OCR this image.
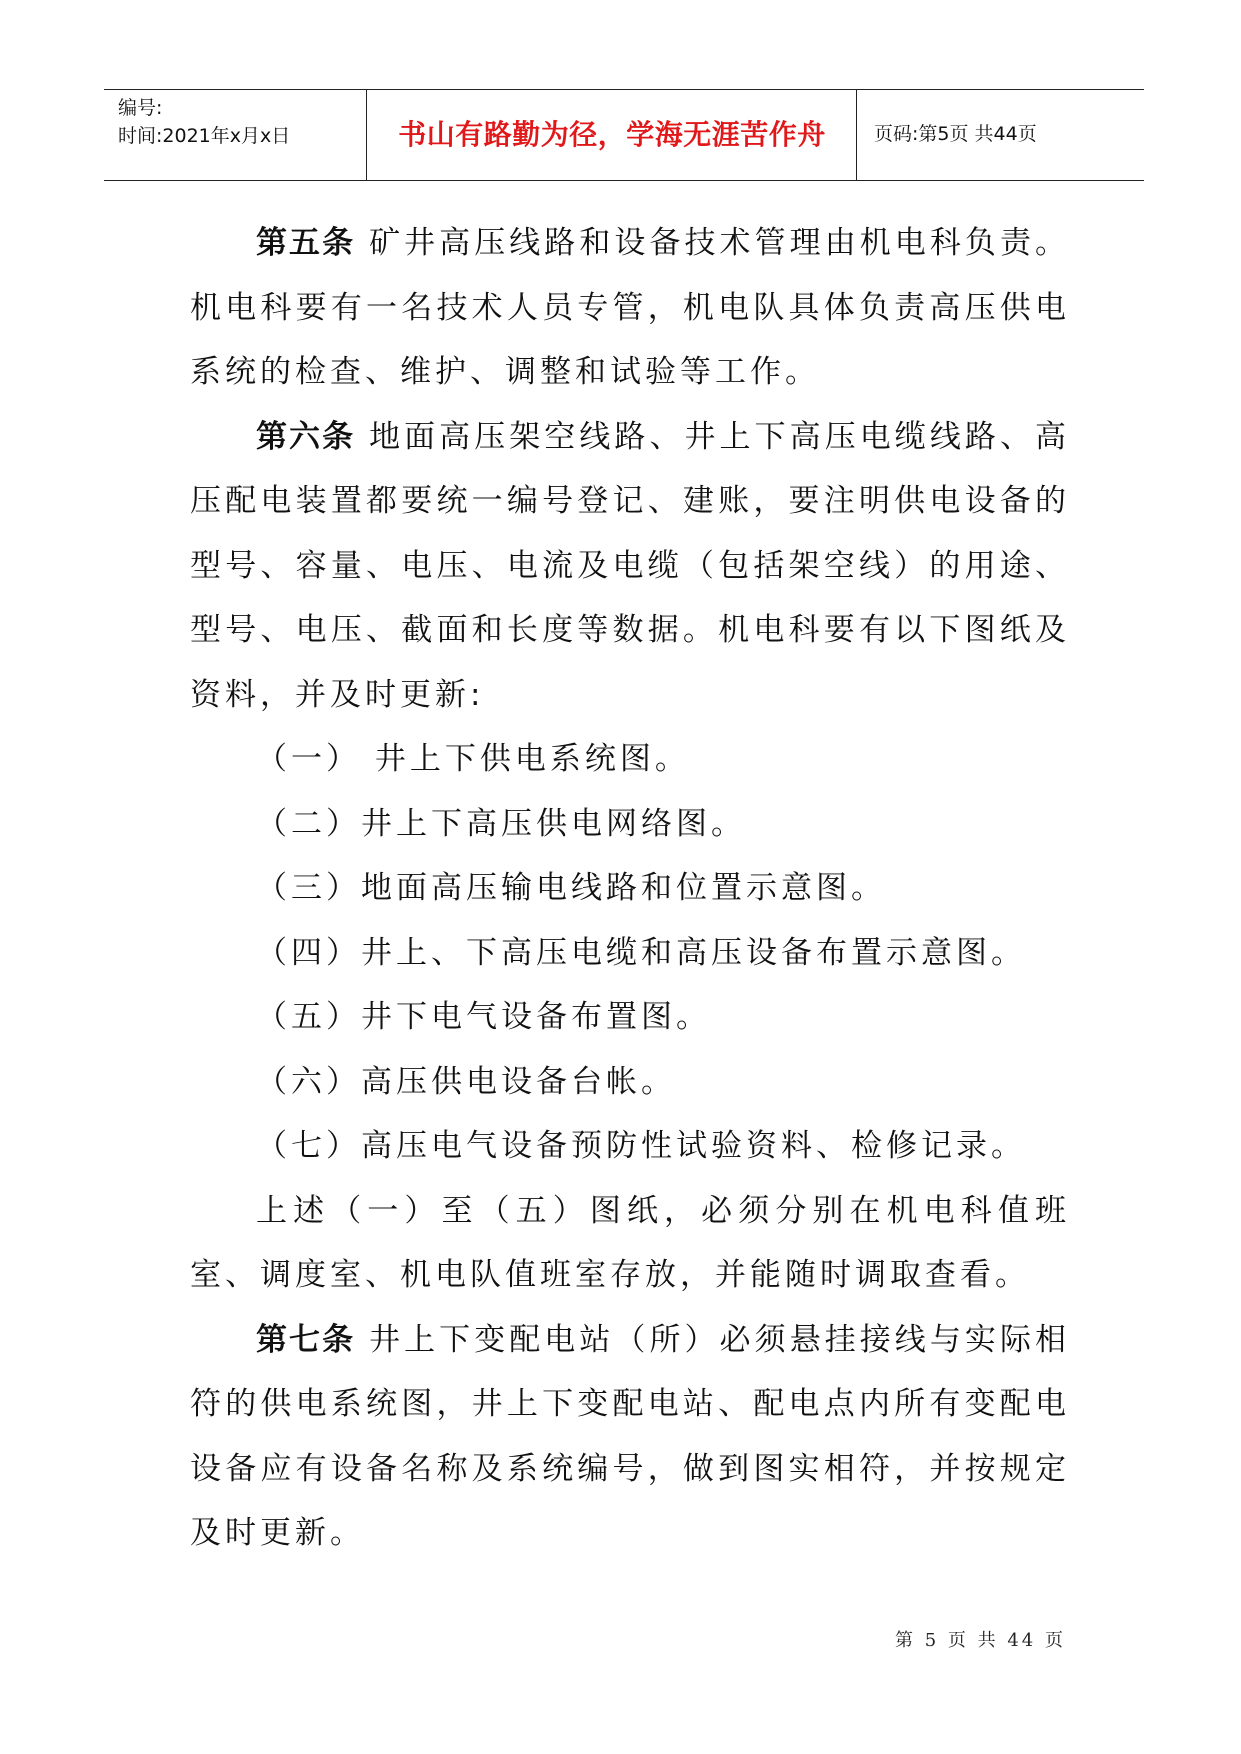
编号:
时间:2021年x月x日	书山有路勤为径，学海无涯苦作舟	页码:第5页 共44页

第五条 矿井高压线路和设备技术管理由机电科负责。机电科要有一名技术人员专管，机电队具体负责高压供电系统的检查、维护、调整和试验等工作。

第六条 地面高压架空线路、井上下高压电缆线路、高压配电装置都要统一编号登记、建账，要注明供电设备的型号、容量、电压、电流及电缆（包括架空线）的用途、型号、电压、截面和长度等数据。机电科要有以下图纸及资料，并及时更新:

（一） 井上下供电系统图。

（二）井上下高压供电网络图。

（三）地面高压输电线路和位置示意图。

（四）井上、下高压电缆和高压设备布置示意图。

（五）井下电气设备布置图。

（六）高压供电设备台帐。

（七）高压电气设备预防性试验资料、检修记录。

上述（一）至（五）图纸，必须分别在机电科值班室、调度室、机电队值班室存放，并能随时调取查看。

第七条 井上下变配电站（所）必须悬挂接线与实际相符的供电系统图，井上下变配电站、配电点内所有变配电设备应有设备名称及系统编号，做到图实相符，并按规定及时更新。

第 5 页 共 44 页
